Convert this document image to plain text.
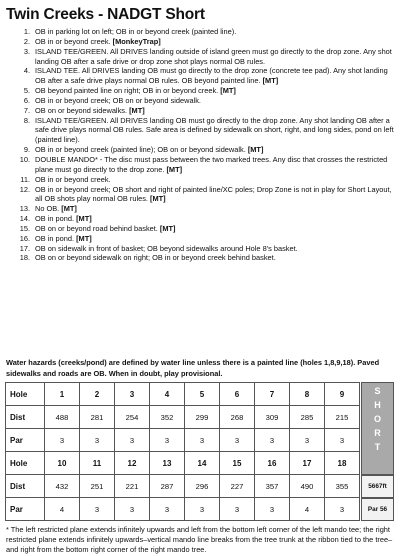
Twin Creeks - NADGT Short
1. OB in parking lot on left; OB in or beyond creek (painted line).
2. OB in or beyond creek. [MonkeyTrap]
3. ISLAND TEE/GREEN. All DRIVES landing outside of island green must go directly to the drop zone. Any shot landing OB after a safe drive or drop zone shot plays normal OB rules.
4. ISLAND TEE. All DRIVES landing OB must go directly to the drop zone (concrete tee pad). Any shot landing OB after a safe drive plays normal OB rules. OB beyond painted line. [MT]
5. OB beyond painted line on right; OB in or beyond creek. [MT]
6. OB in or beyond creek; OB on or beyond sidewalk.
7. OB on or beyond sidewalks. [MT]
8. ISLAND TEE/GREEN. All DRIVES landing OB must go directly to the drop zone. Any shot landing OB after a safe drive plays normal OB rules. Safe area is defined by sidewalk on short, right, and long sides, pond on left (painted line).
9. OB in or beyond creek (painted line); OB on or beyond sidewalk. [MT]
10. DOUBLE MANDO* - The disc must pass between the two marked trees. Any disc that crosses the restricted plane must go directly to the drop zone. [MT]
11. OB in or beyond creek.
12. OB in or beyond creek; OB short and right of painted line/XC poles; Drop Zone is not in play for Short Layout, all OB shots play normal OB rules. [MT]
13. No OB. [MT]
14. OB in pond. [MT]
15. OB on or beyond road behind basket. [MT]
16. OB in pond. [MT]
17. OB on sidewalk in front of basket; OB beyond sidewalks around Hole 8's basket.
18. OB on or beyond sidewalk on right; OB in or beyond creek behind basket.
Water hazards (creeks/pond) are defined by water line unless there is a painted line (holes 1,8,9,18). Paved sidewalks and roads are OB. When in doubt, play provisional.
Hole	1	2	3	4	5	6	7	8	9
Dist	488	281	254	352	299	268	309	285	215
Par	3	3	3	3	3	3	3	3	3
Hole	10	11	12	13	14	15	16	17	18
Dist	432	251	221	287	296	227	357	490	355
Par	4	3	3	3	3	3	3	4	3
S
H
O
R
T
5667ft
* The left restricted plane extends infinitely upwards and left from the bottom left corner of the left mando tee; the right restricted plane extends infinitely upwards–vertical mando line breaks from the tree trunk at the ribbon tied to the tree–and right from the bottom right corner of the right mando tree.
Par 56
